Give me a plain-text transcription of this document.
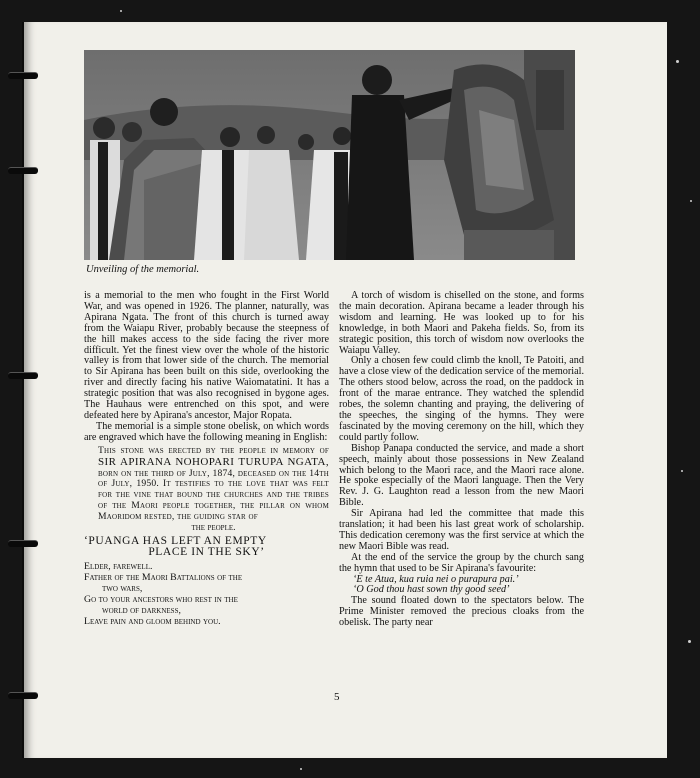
Unveiling of the memorial.

is a memorial to the men who fought in the First World War, and was opened in 1926. The planner, naturally, was Apirana Ngata. The front of this church is turned away from the Waiapu River, probably because the steepness of the hill makes access to the side facing the river more difficult. Yet the finest view over the whole of the historic valley is from that lower side of the church. The memorial to Sir Apirana has been built on this side, overlooking the river and directly facing his native Waiomatatini. It has a strategic position that was also recognised in bygone ages. The Hauhaus were entrenched on this spot, and were defeated here by Apirana's ancestor, Major Ropata.

The memorial is a simple stone obelisk, on which words are engraved which have the following meaning in English:

This stone was erected by the people in memory of SIR APIRANA NOHOPARI TURUPA NGATA, born on the third of July, 1874, deceased on the 14th of July, 1950. It testifies to the love that was felt for the vine that bound the churches and the tribes of the Maori people together, the pillar on whom Maoridom rested, the guiding star of
the people.
‘PUANGA HAS LEFT AN EMPTY
PLACE IN THE SKY’
Elder, farewell.
Father of the Maori Battalions of the
two wars,
Go to your ancestors who rest in the
world of darkness,
Leave pain and gloom behind you.

A torch of wisdom is chiselled on the stone, and forms the main decoration. Apirana became a leader through his wisdom and learning. He was looked up to for his knowledge, in both Maori and Pakeha fields. So, from its strategic position, this torch of wisdom now overlooks the Waiapu Valley.

Only a chosen few could climb the knoll, Te Patoiti, and have a close view of the dedication service of the memorial. The others stood below, across the road, on the paddock in front of the marae entrance. They watched the splendid robes, the solemn chanting and praying, the delivering of the speeches, the singing of the hymns. They were fascinated by the moving ceremony on the hill, which they could partly follow.

Bishop Panapa conducted the service, and made a short speech, mainly about those possessions in New Zealand which belong to the Maori race, and the Maori race alone. He spoke especially of the Maori language. Then the Very Rev. J. G. Laughton read a lesson from the new Maori Bible.

Sir Apirana had led the committee that made this translation; it had been his last great work of scholarship. This dedication ceremony was the first service at which the new Maori Bible was read.

At the end of the service the group by the church sang the hymn that used to be Sir Apirana's favourite:

‘E te Atua, kua ruia nei o purapura pai.’

‘O God thou hast sown thy good seed’

The sound floated down to the spectators below. The Prime Minister removed the precious cloaks from the obelisk. The party near

5
